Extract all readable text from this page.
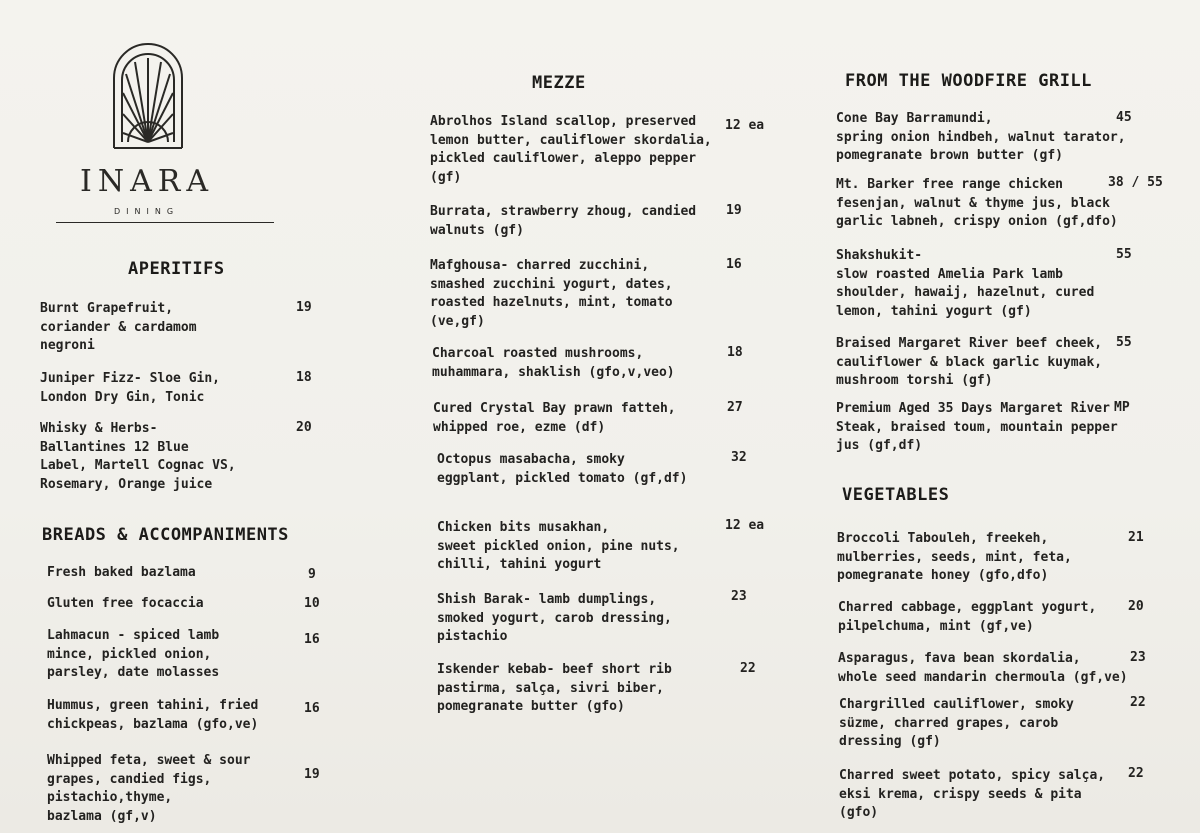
INARA
DINING
APERITIFS
Burnt Grapefruit,
coriander & cardamom
negroni
19
Juniper Fizz- Sloe Gin,
London Dry Gin, Tonic
18
Whisky & Herbs-
Ballantines 12 Blue
Label, Martell Cognac VS,
Rosemary, Orange juice
20
BREADS & ACCOMPANIMENTS
Fresh baked bazlama	9
Gluten free focaccia	10
Lahmacun - spiced lamb
mince, pickled onion,
parsley, date molasses
16
Hummus, green tahini, fried
chickpeas, bazlama (gfo,ve)
16
Whipped feta, sweet & sour
grapes, candied figs,
pistachio,thyme,
bazlama (gf,v)
19
MEZZE
Abrolhos Island scallop, preserved
lemon butter, cauliflower skordalia,
pickled cauliflower, aleppo pepper
(gf)
12 ea
Burrata, strawberry zhoug, candied
walnuts (gf)
19
Mafghousa- charred zucchini,
smashed zucchini yogurt, dates,
roasted hazelnuts, mint, tomato
(ve,gf)
16
Charcoal roasted mushrooms,
muhammara, shaklish (gfo,v,veo)
18
Cured Crystal Bay prawn fatteh,
whipped roe, ezme (df)
27
Octopus masabacha, smoky
eggplant, pickled tomato (gf,df)
32
Chicken bits musakhan,
sweet pickled onion, pine nuts,
chilli, tahini yogurt
12 ea
Shish Barak- lamb dumplings,
smoked yogurt, carob dressing,
pistachio
23
Iskender kebab- beef short rib
pastirma, salça, sivri biber,
pomegranate butter (gfo)
22
FROM THE WOODFIRE GRILL
Cone Bay Barramundi,
spring onion hindbeh, walnut tarator,
pomegranate brown butter (gf)
45
Mt. Barker free range chicken
fesenjan, walnut & thyme jus, black
garlic labneh, crispy onion (gf,dfo)
38 / 55
Shakshukit-
slow roasted Amelia Park lamb
shoulder, hawaij, hazelnut, cured
lemon, tahini yogurt (gf)
55
Braised Margaret River beef cheek,
cauliflower & black garlic kuymak,
mushroom torshi (gf)
55
Premium Aged 35 Days Margaret River
Steak, braised toum, mountain pepper
jus (gf,df)
MP
VEGETABLES
Broccoli Tabouleh, freekeh,
mulberries, seeds, mint, feta,
pomegranate honey (gfo,dfo)
21
Charred cabbage, eggplant yogurt,
pilpelchuma, mint (gf,ve)
20
Asparagus, fava bean skordalia,
whole seed mandarin chermoula (gf,ve)
23
Chargrilled cauliflower, smoky
süzme, charred grapes, carob
dressing (gf)
22
Charred sweet potato, spicy salça,
eksi krema, crispy seeds & pita
(gfo)
22
